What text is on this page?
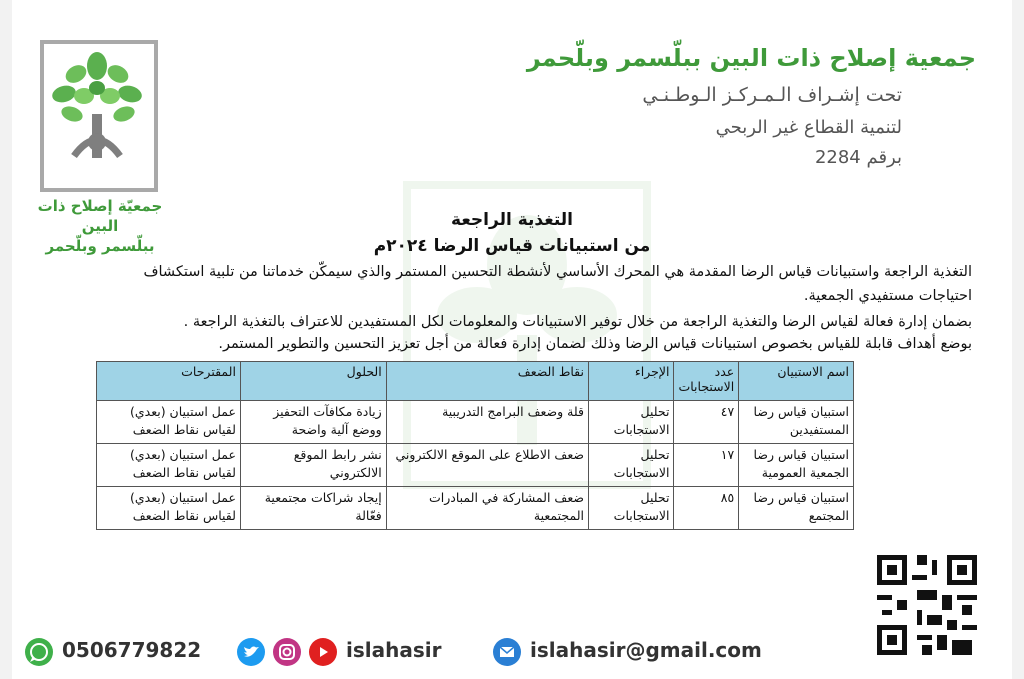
جمعية إصلاح ذات البين ببلّسمر وبلّحمر
تحت إشـراف الـمـركـز الـوطـنـي
لتنمية القطاع غير الربحي
برقم 2284
جمعيّة إصلاح ذات البين
ببلّسمر وبلّحمر
التغذية الراجعة
من استبيانات قياس الرضا ٢٠٢٤م
التغذية الراجعة واستبيانات قياس الرضا المقدمة هي المحرك الأساسي لأنشطة التحسين المستمر والذي سيمكّن خدماتنا من تلبية استكشاف
احتياجات مستفيدي الجمعية.
بضمان إدارة فعالة لقياس الرضا والتغذية الراجعة من خلال توفير الاستبيانات والمعلومات لكل المستفيدين للاعتراف بالتغذية الراجعة .
بوضع أهداف قابلة للقياس بخصوص استبيانات قياس الرضا وذلك لضمان إدارة فعالة من أجل تعزيز التحسين والتطوير المستمر.
اسم الاستبيان	عدد الاستجابات	الإجراء	نقاط الضعف	الحلول	المقترحات
استبيان قياس رضا المستفيدين	٤٧	تحليل الاستجابات	قلة وضعف البرامج التدريبية	زيادة مكافآت التحفيز ووضع آلية واضحة	عمل استبيان (بعدي) لقياس نقاط الضعف
استبيان قياس رضا الجمعية العمومية	١٧	تحليل الاستجابات	ضعف الاطلاع على الموقع الالكتروني	نشر رابط الموقع الالكتروني	عمل استبيان (بعدي) لقياس نقاط الضعف
استبيان قياس رضا المجتمع	٨٥	تحليل الاستجابات	ضعف المشاركة في المبادرات المجتمعية	إيجاد شراكات مجتمعية فعّالة	عمل استبيان (بعدي) لقياس نقاط الضعف
0506779822	islahasir	islahasir@gmail.com
